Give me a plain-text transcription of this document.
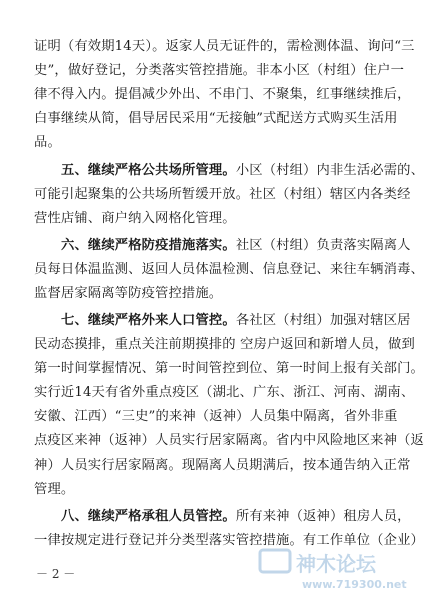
证明（有效期14天）。返家人员无证件的，需检测体温、询问“三
史”，做好登记，分类落实管控措施。非本小区（村组）住户一
律不得入内。提倡减少外出、不串门、不聚集，红事继续推后，
白事继续从简，倡导居民采用“无接触”式配送方式购买生活用
品。

五、继续严格公共场所管理。小区（村组）内非生活必需的、
可能引起聚集的公共场所暂缓开放。社区（村组）辖区内各类经
营性店铺、商户纳入网格化管理。

六、继续严格防疫措施落实。社区（村组）负责落实隔离人
员每日体温监测、返回人员体温检测、信息登记、来往车辆消毒、
监督居家隔离等防疫管控措施。

七、继续严格外来人口管控。各社区（村组）加强对辖区居
民动态摸排，重点关注前期摸排的 空房户返回和新增人员，做到
第一时间掌握情况、第一时间管控到位、第一时间上报有关部门。
实行近14天有省外重点疫区（湖北、广东、浙江、河南、湖南、
安徽、江西）“三史”的来神（返神）人员集中隔离，省外非重
点疫区来神（返神）人员实行居家隔离。省内中风险地区来神（返
神）人员实行居家隔离。现隔离人员期满后，按本通告纳入正常
管理。

八、继续严格承租人员管控。所有来神（返神）租房人员，
一律按规定进行登记并分类型落实管控措施。有工作单位（企业）

－ 2 －	神木论坛
www.719300.net
